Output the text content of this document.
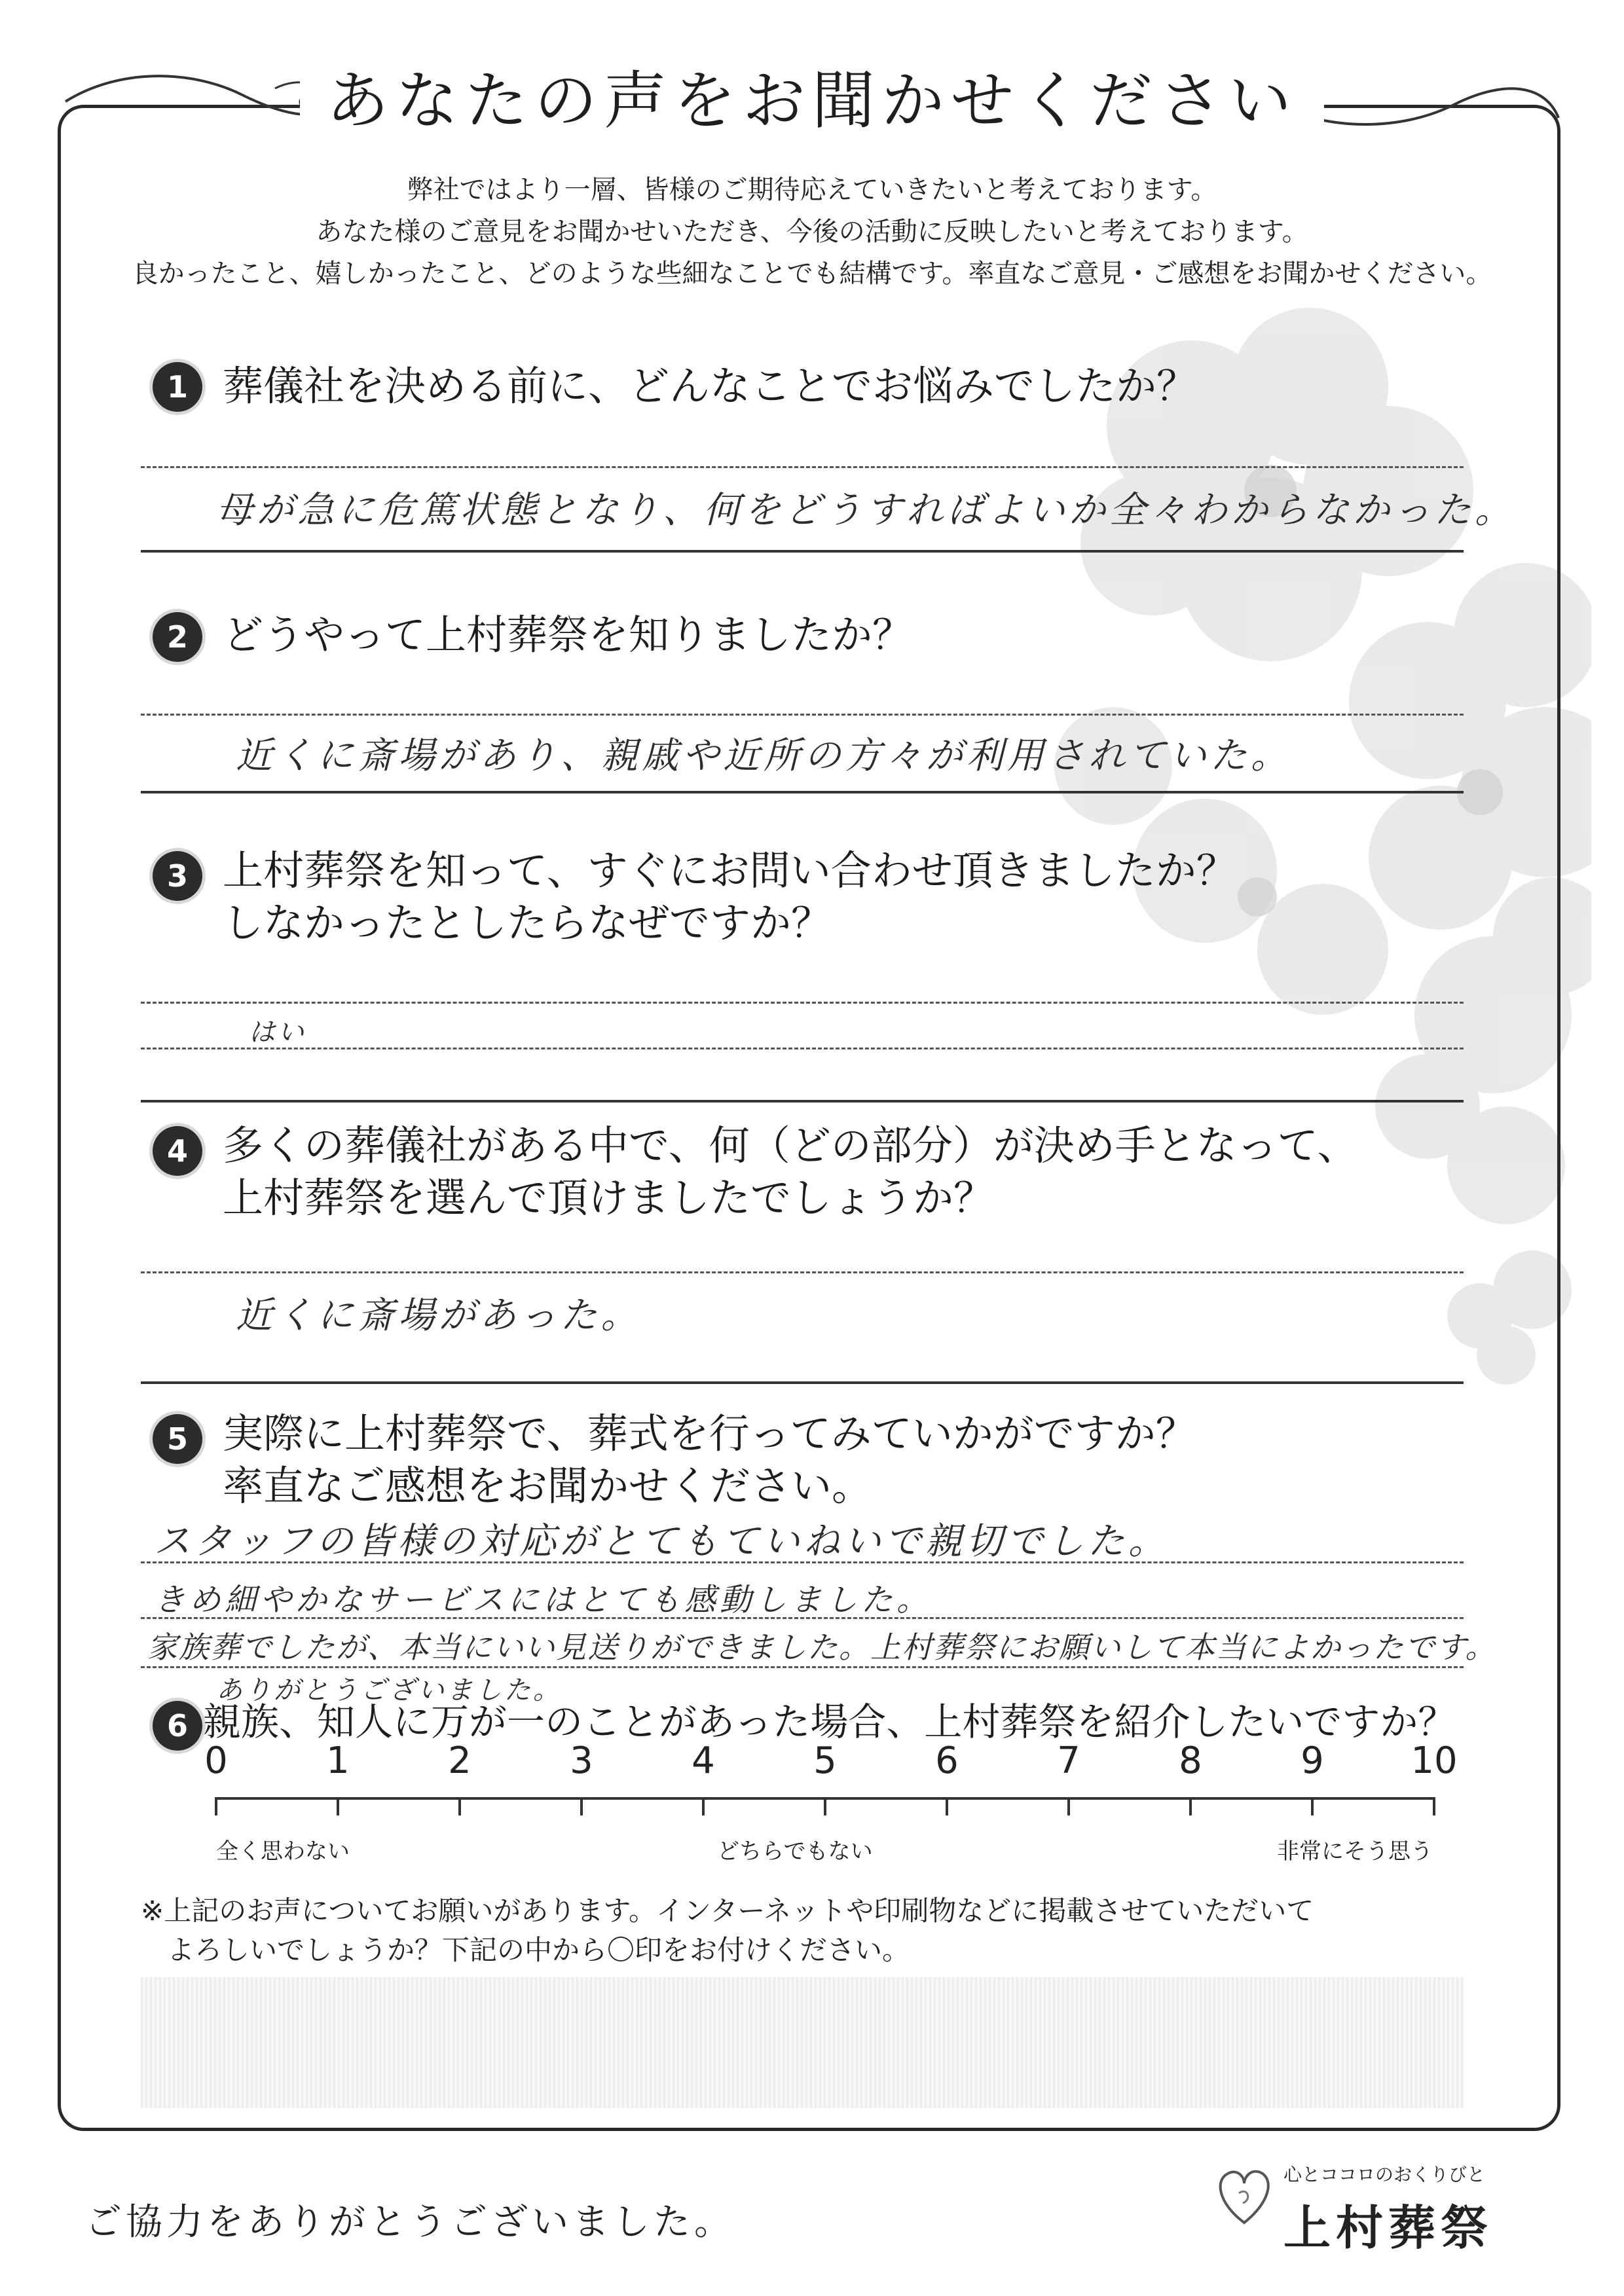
あなたの声をお聞かせください
弊社ではより一層、皆様のご期待応えていきたいと考えております。
あなた様のご意見をお聞かせいただき、今後の活動に反映したいと考えております。
良かったこと、嬉しかったこと、どのような些細なことでも結構です。率直なご意見・ご感想をお聞かせください。
1 葬儀社を決める前に、どんなことでお悩みでしたか？
母が急に危篤状態となり、何をどうすればよいか全々わからなかった。
2 どうやって上村葬祭を知りましたか？
近くに斎場があり、親戚や近所の方々が利用されていた。
3 上村葬祭を知って、すぐにお問い合わせ頂きましたか？
しなかったとしたらなぜですか？
はい
4 多くの葬儀社がある中で、何（どの部分）が決め手となって、
上村葬祭を選んで頂けましたでしょうか？
近くに斎場があった。
5 実際に上村葬祭で、葬式を行ってみていかがですか？
率直なご感想をお聞かせください。
スタッフの皆様の対応がとてもていねいで親切でした。
きめ細やかなサービスにはとても感動しました。
家族葬でしたが、本当にいい見送りができました。上村葬祭にお願いして本当によかったです。
ありがとうございました。
6 親族、知人に万が一のことがあった場合、上村葬祭を紹介したいですか？
0	1	2	3	4	5	6	7	8	9	10
全く思わない	どちらでもない	非常にそう思う
※上記のお声についてお願いがあります。インターネットや印刷物などに掲載させていただいて
よろしいでしょうか？下記の中から〇印をお付けください。
ご協力をありがとうございました。
心とココロのおくりびと
上村葬祭
